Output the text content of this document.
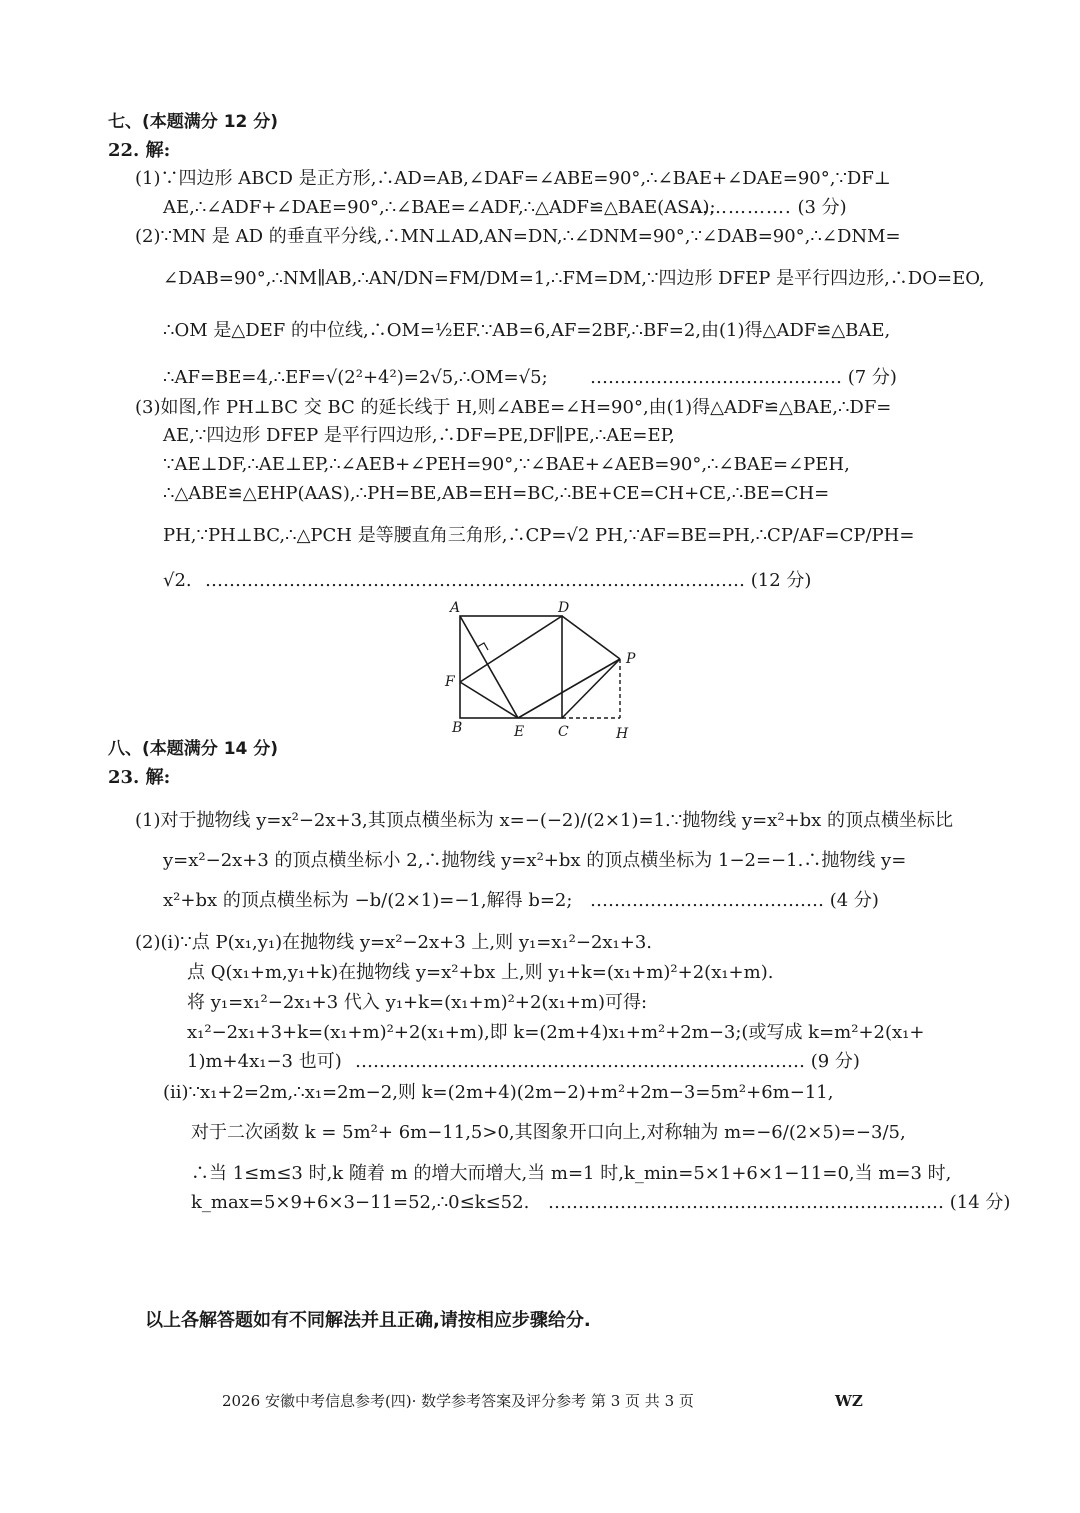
七、(本题满分 12 分)
22. 解:
(1)∵四边形 ABCD 是正方形,∴AD=AB,∠DAF=∠ABE=90°,∴∠BAE+∠DAE=90°,∵DF⊥
AE,∴∠ADF+∠DAE=90°,∴∠BAE=∠ADF,∴△ADF≌△BAE(ASA);
……………. (3 分)
(2)∵MN 是 AD 的垂直平分线,∴MN⊥AD,AN=DN,∴∠DNM=90°,∵∠DAB=90°,∴∠DNM=
∠DAB=90°,∴NM∥AB,∴AN/DN=FM/DM=1,∴FM=DM,∵四边形 DFEP 是平行四边形,∴DO=EO,
∴OM 是△DEF 的中位线,∴OM=½EF.∵AB=6,AF=2BF,∴BF=2,由(1)得△ADF≌△BAE,
∴AF=BE=4,∴EF=√(2²+4²)=2√5,∴OM=√5; …………………………………… (7 分)
(3)如图,作 PH⊥BC 交 BC 的延长线于 H,则∠ABE=∠H=90°,由(1)得△ADF≌△BAE,∴DF=
AE,∵四边形 DFEP 是平行四边形,∴DF=PE,DF∥PE,∴AE=EP,
∵AE⊥DF,∴AE⊥EP,∴∠AEB+∠PEH=90°,∵∠BAE+∠AEB=90°,∴∠BAE=∠PEH,
∴△ABE≌△EHP(AAS),∴PH=BE,AB=EH=BC,∴BE+CE=CH+CE,∴BE=CH=
PH,∵PH⊥BC,∴△PCH 是等腰直角三角形,∴CP=√2 PH,∵AF=BE=PH,∴CP/AF=CP/PH=
√2. ……………………………………………………………………………… (12 分)
A	D
P
F
B	E C	H
八、(本题满分 14 分)
23. 解:
(1)对于抛物线 y=x²−2x+3,其顶点横坐标为 x=−(−2)/(2×1)=1.∵抛物线 y=x²+bx 的顶点横坐标比
y=x²−2x+3 的顶点横坐标小 2,∴抛物线 y=x²+bx 的顶点横坐标为 1−2=−1.∴抛物线 y=
x²+bx 的顶点横坐标为 −b/(2×1)=−1,解得 b=2; ………………………………… (4 分)
(2)(i)∵点 P(x₁,y₁)在抛物线 y=x²−2x+3 上,则 y₁=x₁²−2x₁+3.
点 Q(x₁+m,y₁+k)在抛物线 y=x²+bx 上,则 y₁+k=(x₁+m)²+2(x₁+m).
将 y₁=x₁²−2x₁+3 代入 y₁+k=(x₁+m)²+2(x₁+m)可得:
x₁²−2x₁+3+k=(x₁+m)²+2(x₁+m),即 k=(2m+4)x₁+m²+2m−3;(或写成 k=m²+2(x₁+
1)m+4x₁−3 也可) ………………………………………………………………… (9 分)
(ii)∵x₁+2=2m,∴x₁=2m−2,则 k=(2m+4)(2m−2)+m²+2m−3=5m²+6m−11,
对于二次函数 k = 5m²+ 6m−11,5>0,其图象开口向上,对称轴为 m=−6/(2×5)=−3/5,
∴当 1≤m≤3 时,k 随着 m 的增大而增大,当 m=1 时,k_min=5×1+6×1−11=0,当 m=3 时,
k_max=5×9+6×3−11=52,∴0≤k≤52. ………………………………………………………… (14 分)
以上各解答题如有不同解法并且正确,请按相应步骤给分.
2026 安徽中考信息参考(四)· 数学参考答案及评分参考 第 3 页 共 3 页	WZ
